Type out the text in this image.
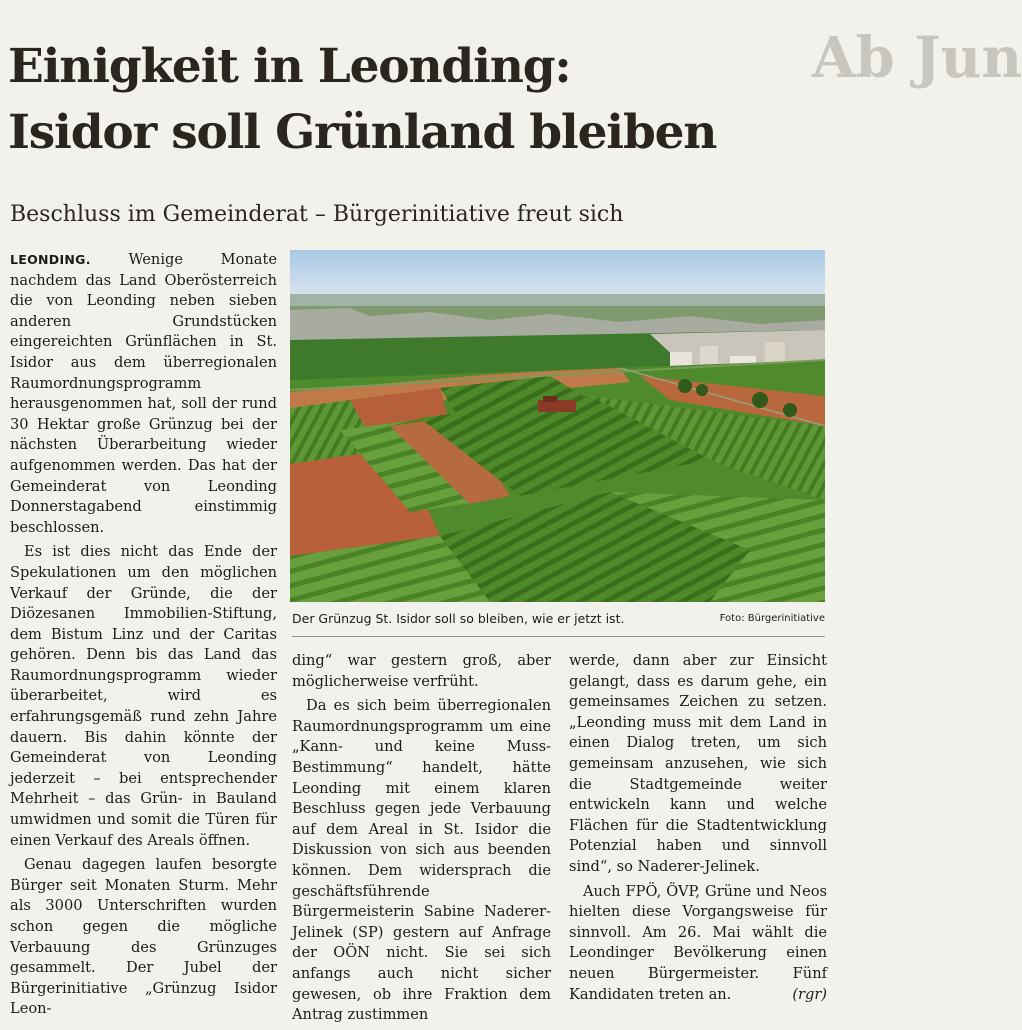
Ab Jun
Einigkeit in Leonding:
Isidor soll Grünland bleiben
Beschluss im Gemeinderat – Bürgerinitiative freut sich

LEONDING.	Wenige Monate nachdem das Land Oberösterreich die von Leonding neben sieben anderen Grundstücken eingereichten Grünflächen in St. Isidor aus dem überregionalen Raumordnungsprogramm herausgenommen hat, soll der rund 30 Hektar große Grünzug bei der nächsten Überarbeitung wieder aufgenommen werden. Das hat der Gemeinderat von Leonding Donnerstagabend einstimmig beschlossen.

Es ist dies nicht das Ende der Spekulationen um den möglichen Verkauf der Gründe, die der Diözesanen Immobilien-Stiftung, dem Bistum Linz und der Caritas gehören. Denn bis das Land das Raumordnungsprogramm wieder überarbeitet, wird es erfahrungsgemäß rund zehn Jahre dauern. Bis dahin könnte der Gemeinderat von Leonding jederzeit – bei entsprechender Mehrheit – das Grün- in Bauland umwidmen und somit die Türen für einen Verkauf des Areals öffnen.

Genau dagegen laufen besorgte Bürger seit Monaten Sturm. Mehr als 3000 Unterschriften wurden schon gegen die mögliche Verbauung des Grünzuges gesammelt. Der Jubel der Bürgerinitiative „Grünzug Isidor Leon-

Der Grünzug St. Isidor soll so bleiben, wie er jetzt ist.	Foto: Bürgerinitiative

ding“ war gestern groß, aber möglicherweise verfrüht.

Da es sich beim überregionalen Raumordnungsprogramm um eine „Kann- und keine Muss-Bestimmung“ handelt, hätte Leonding mit einem klaren Beschluss gegen jede Verbauung auf dem Areal in St. Isidor die Diskussion von sich aus beenden können. Dem widersprach die geschäftsführende Bürgermeisterin Sabine Naderer-Jelinek (SP) gestern auf Anfrage der OÖN nicht. Sie sei sich anfangs auch nicht sicher gewesen, ob ihre Fraktion dem Antrag zustimmen

werde, dann aber zur Einsicht gelangt, dass es darum gehe, ein gemeinsames Zeichen zu setzen. „Leonding muss mit dem Land in einen Dialog treten, um sich gemeinsam anzusehen, wie sich die Stadtgemeinde weiter entwickeln kann und welche Flächen für die Stadtentwicklung Potenzial haben und sinnvoll sind“, so Naderer-Jelinek.

Auch FPÖ, ÖVP, Grüne und Neos hielten diese Vorgangsweise für sinnvoll. Am 26. Mai wählt die Leondinger Bevölkerung einen neuen Bürgermeister. Fünf Kandidaten treten an.	(rgr)
